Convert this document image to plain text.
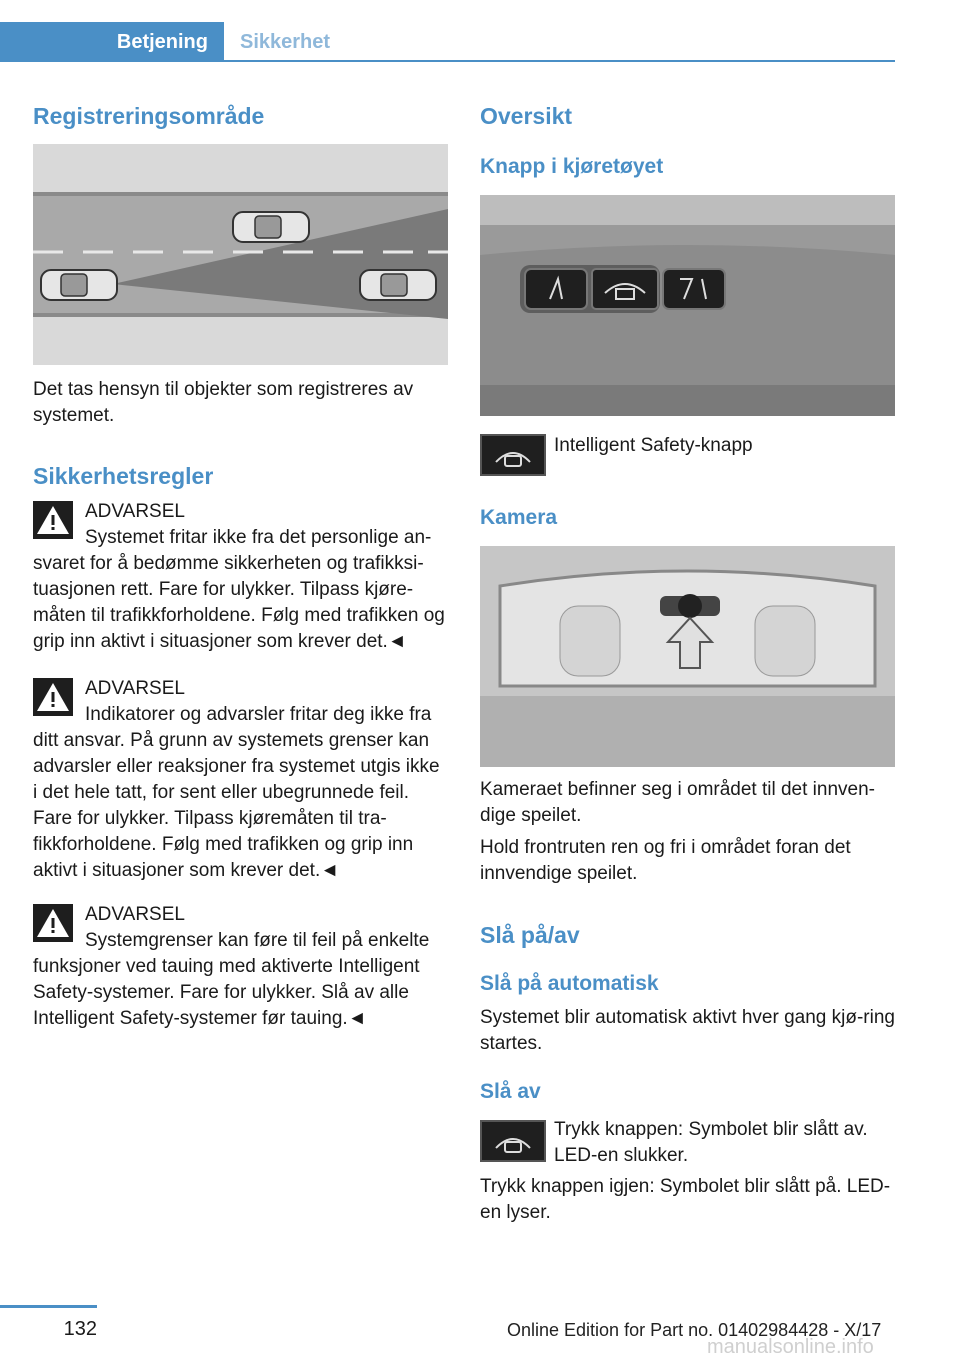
Betjening	Sikkerhet
Registreringsområde

Det tas hensyn til objekter som registreres av systemet.

Sikkerhetsregler
ADVARSEL
Systemet fritar ikke fra det personlige an-svaret for å bedømme sikkerheten og trafikksi-tuasjonen rett. Fare for ulykker. Tilpass kjøre-måten til trafikkforholdene. Følg med trafikken og grip inn aktivt i situasjoner som krever det.◄
ADVARSEL
Indikatorer og advarsler fritar deg ikke fra ditt ansvar. På grunn av systemets grenser kan advarsler eller reaksjoner fra systemet utgis ikke i det hele tatt, for sent eller ubegrunnede feil. Fare for ulykker. Tilpass kjøremåten til tra-fikkforholdene. Følg med trafikken og grip inn aktivt i situasjoner som krever det.◄
ADVARSEL
Systemgrenser kan føre til feil på enkelte funksjoner ved tauing med aktiverte Intelligent Safety-systemer. Fare for ulykker. Slå av alle Intelligent Safety-systemer før tauing.◄
Oversikt
Knapp i kjøretøyet

Intelligent Safety-knapp

Kamera

Kameraet befinner seg i området til det innven-dige speilet.

Hold frontruten ren og fri i området foran det innvendige speilet.

Slå på/av
Slå på automatisk

Systemet blir automatisk aktivt hver gang kjø-ring startes.

Slå av

Trykk knappen: Symbolet blir slått av. LED-en slukker.

Trykk knappen igjen: Symbolet blir slått på. LED-en lyser.

132	Online Edition for Part no. 01402984428 - X/17
manualsonline.info
